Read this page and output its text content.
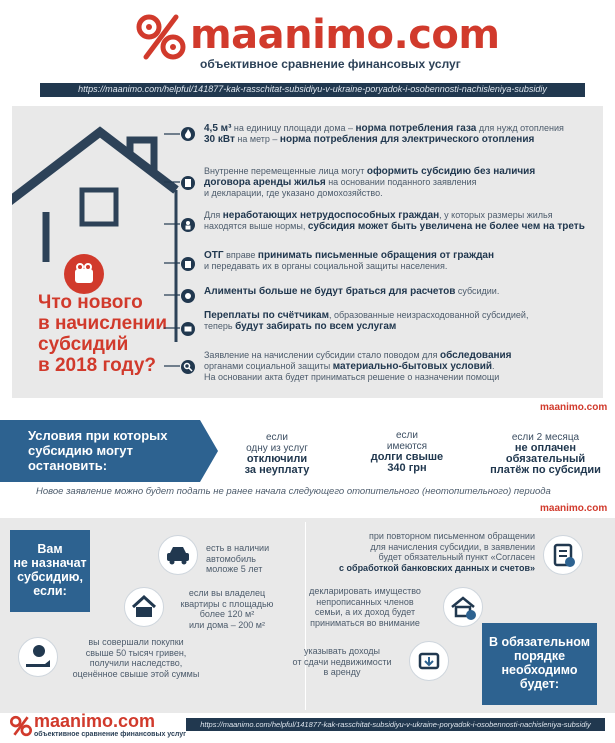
maanimo.com
объективное сравнение финансовых услуг
https://maanimo.com/helpful/141877-kak-rasschitat-subsidiyu-v-ukraine-poryadok-i-osobennosti-nachisleniya-subsidiy
Что нового
в начислении
субсидий
в 2018 году?
4,5 м³ на единицу площади дома – норма потребления газа для нужд отопления
30 кВт на метр – норма потребления для электрического отопления
Внутренне перемещенные лица могут оформить субсидию без наличия
договора аренды жилья на основании поданного заявления
и декларации, где указано домохозяйство.
Для неработающих нетрудоспособных граждан, у которых размеры жилья
находятся выше нормы, субсидия может быть увеличена не более чем на треть
ОТГ вправе принимать письменные обращения от граждан
и передавать их в органы социальной защиты населения.
Алименты больше не будут браться для расчетов субсидии.
Переплаты по счётчикам, образованные неизрасходованной субсидией,
теперь будут забирать по всем услугам
Заявление на начислении субсидии стало поводом для обследования
органами социальной защиты материально-бытовых условий.
На основании акта будет приниматься решение о назначении помощи
maanimo.com
Условия при которых
субсидию могут
остановить:
если
одну из услуг
отключили
за неуплату
если
имеются
долги свыше
340 грн
если 2 месяца
не оплачен
обязательный
платёж по субсидии
Новое заявление можно будет подать не ранее начала следующего отопительного (неотопительного) периода
maanimo.com
Вам
не назначат
субсидию,
если:
есть в наличии
автомобиль
моложе 5 лет
если вы владелец
квартиры с площадью
более 120 м²
или дома – 200 м²
вы совершали покупки
свыше 50 тысяч гривен,
получили наследство,
оценённое свыше этой суммы
при повторном письменном обращении
для начисления субсидии, в заявлении
будет обязательный пункт «Согласен
с обработкой банковских данных и счетов»
декларировать имущество
непрописанных членов
семьи, а их доход будет
приниматься во внимание
указывать доходы
от сдачи недвижимости
в аренду
В обязательном
порядке
необходимо
будет:
maanimo.com
объективное сравнение финансовых услуг
https://maanimo.com/helpful/141877-kak-rasschitat-subsidiyu-v-ukraine-poryadok-i-osobennosti-nachisleniya-subsidiy
